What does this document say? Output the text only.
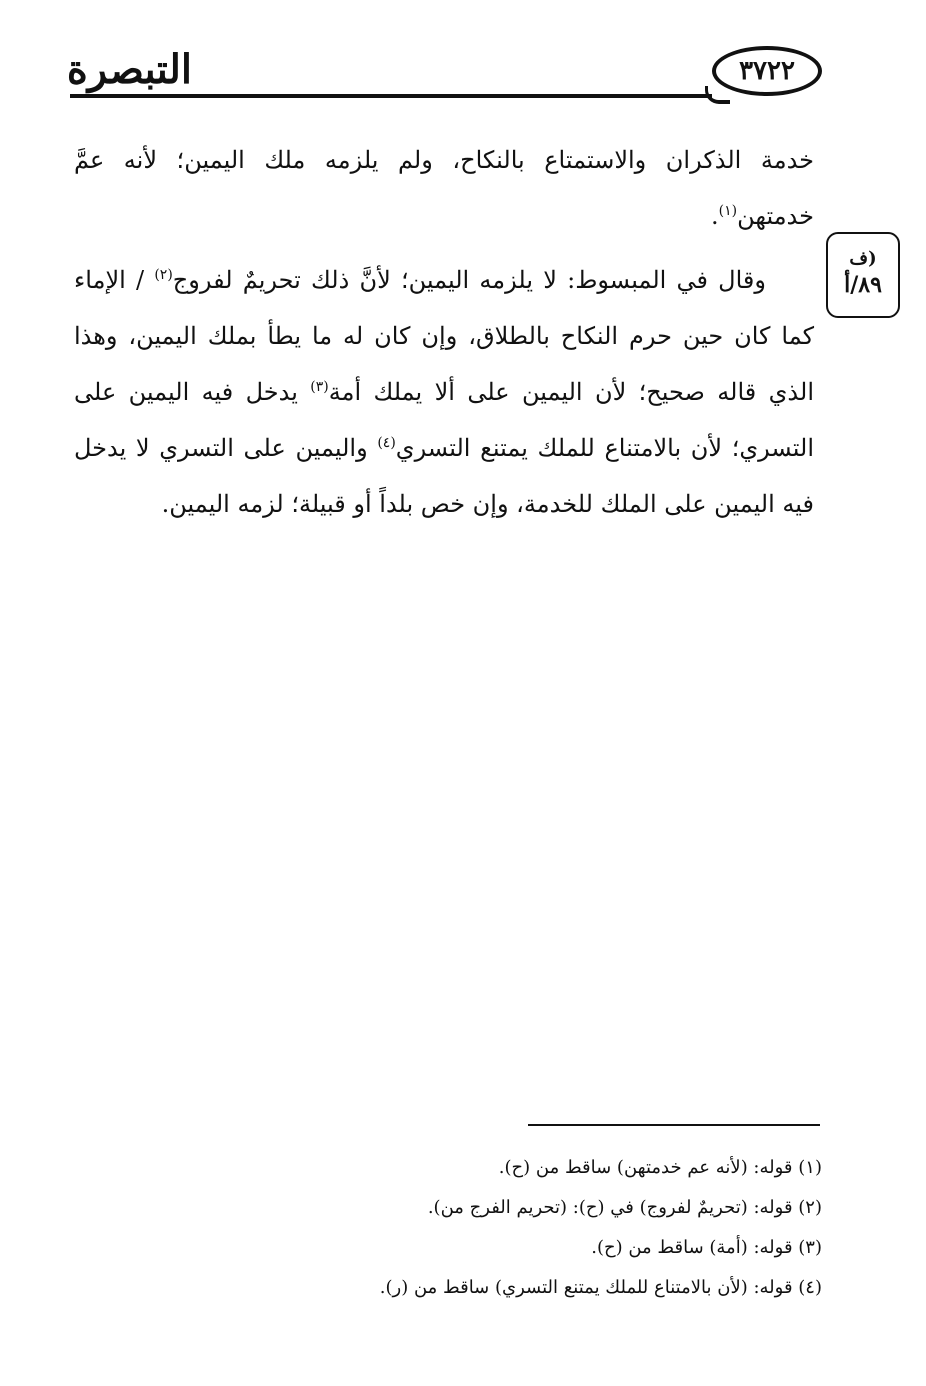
التبصرة	٣٧٢٢
(ف
٨٩/أ

خدمة الذكران والاستمتاع بالنكاح، ولم يلزمه ملك اليمين؛ لأنه عمَّ خدمتهن$^{(١)}$.

وقال في المبسوط: لا يلزمه اليمين؛ لأنَّ ذلك تحريمٌ لفروج$^{(٢)}$ / الإماء كما كان حين حرم النكاح بالطلاق، وإن كان له ما يطأ بملك اليمين، وهذا الذي قاله صحيح؛ لأن اليمين على ألا يملك أمة$^{(٣)}$ يدخل فيه اليمين على التسري؛ لأن بالامتناع للملك يمتنع التسري$^{(٤)}$ واليمين على التسري لا يدخل فيه اليمين على الملك للخدمة، وإن خص بلداً أو قبيلة؛ لزمه اليمين.

(١) قوله: (لأنه عم خدمتهن) ساقط من (ح).
(٢) قوله: (تحريمٌ لفروج) في (ح): (تحريم الفرج من).
(٣) قوله: (أمة) ساقط من (ح).
(٤) قوله: (لأن بالامتناع للملك يمتنع التسري) ساقط من (ر).
